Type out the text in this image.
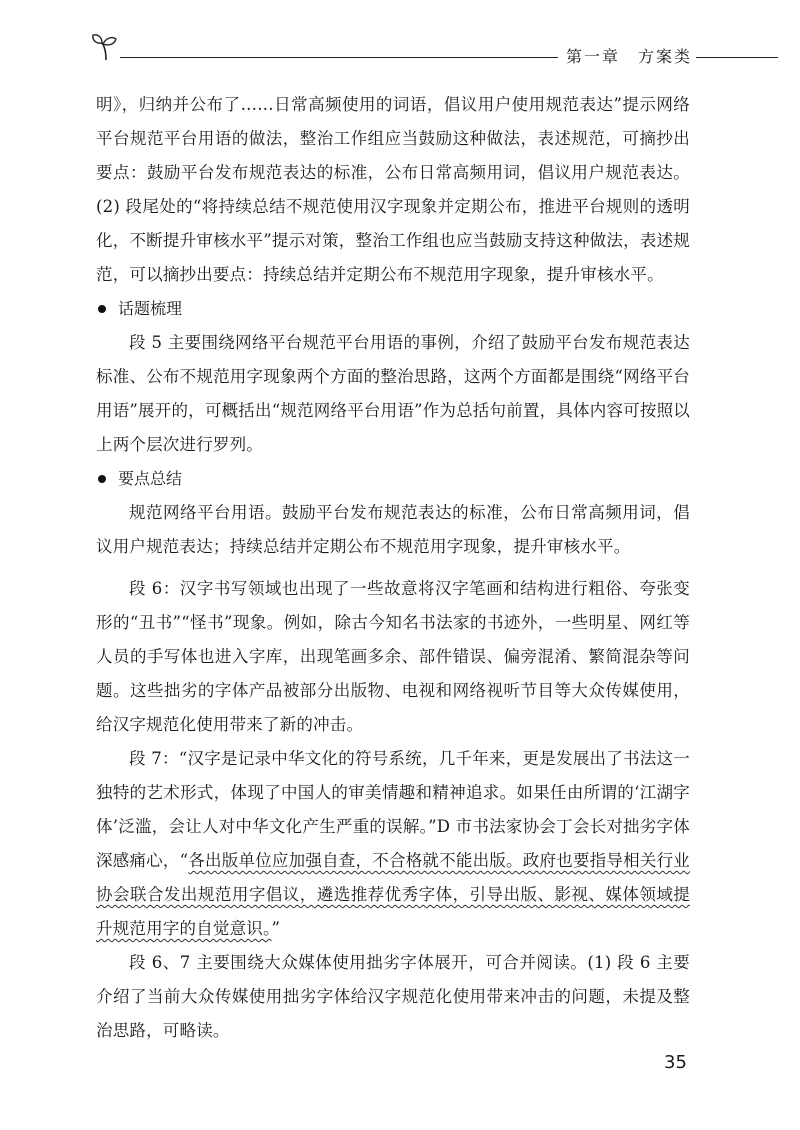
第一章　方案类

明》，归纳并公布了……日常高频使用的词语，倡议用户使用规范表达”提示网络平台规范平台用语的做法，整治工作组应当鼓励这种做法，表述规范，可摘抄出要点：鼓励平台发布规范表达的标准，公布日常高频用词，倡议用户规范表达。(2) 段尾处的“将持续总结不规范使用汉字现象并定期公布，推进平台规则的透明化，不断提升审核水平”提示对策，整治工作组也应当鼓励支持这种做法，表述规范，可以摘抄出要点：持续总结并定期公布不规范用字现象，提升审核水平。

话题梳理

段 5 主要围绕网络平台规范平台用语的事例，介绍了鼓励平台发布规范表达标准、公布不规范用字现象两个方面的整治思路，这两个方面都是围绕“网络平台用语”展开的，可概括出“规范网络平台用语”作为总括句前置，具体内容可按照以上两个层次进行罗列。

要点总结

规范网络平台用语。鼓励平台发布规范表达的标准，公布日常高频用词，倡议用户规范表达；持续总结并定期公布不规范用字现象，提升审核水平。

段 6：汉字书写领域也出现了一些故意将汉字笔画和结构进行粗俗、夸张变形的“丑书”“怪书”现象。例如，除古今知名书法家的书迹外，一些明星、网红等人员的手写体也进入字库，出现笔画多余、部件错误、偏旁混淆、繁简混杂等问题。这些拙劣的字体产品被部分出版物、电视和网络视听节目等大众传媒使用，给汉字规范化使用带来了新的冲击。

段 7：“汉字是记录中华文化的符号系统，几千年来，更是发展出了书法这一独特的艺术形式，体现了中国人的审美情趣和精神追求。如果任由所谓的‘江湖字体’泛滥，会让人对中华文化产生严重的误解。”D 市书法家协会丁会长对拙劣字体深感痛心，“各出版单位应加强自查，不合格就不能出版。政府也要指导相关行业协会联合发出规范用字倡议，遴选推荐优秀字体，引导出版、影视、媒体领域提升规范用字的自觉意识。”

段 6、7 主要围绕大众媒体使用拙劣字体展开，可合并阅读。(1) 段 6 主要介绍了当前大众传媒使用拙劣字体给汉字规范化使用带来冲击的问题，未提及整治思路，可略读。

35
